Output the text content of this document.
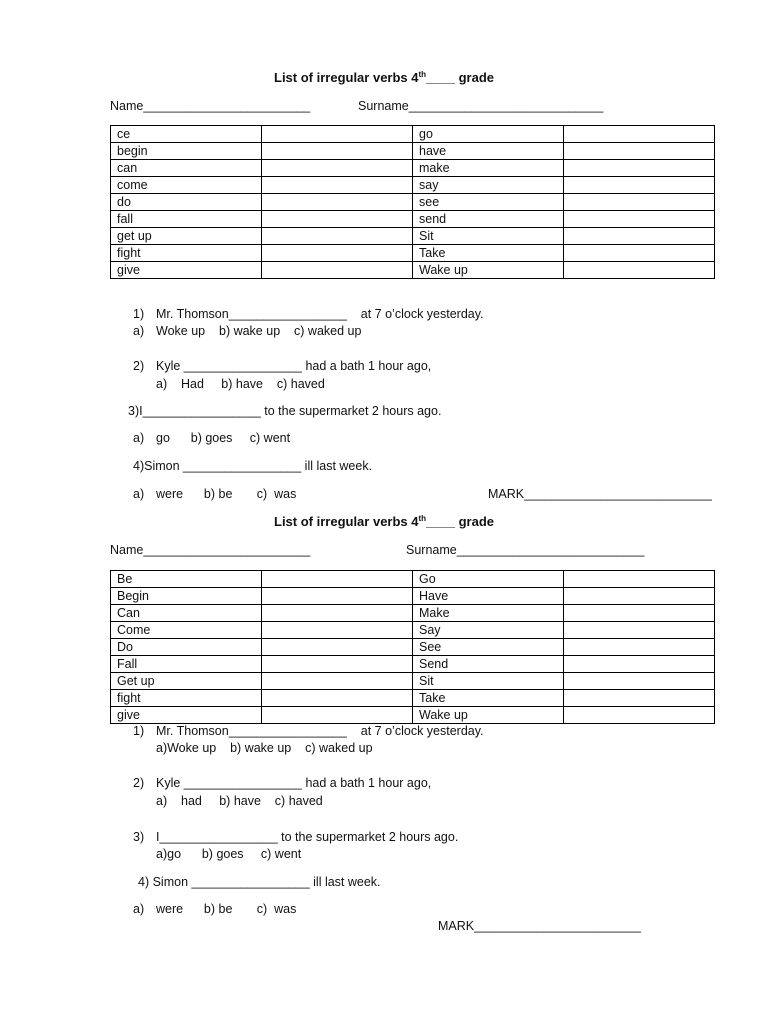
List of irregular verbs 4th____ grade
Name________________________	Surname____________________________
ce		go	
begin		have	
can		make	
come		say	
do		see	
fall		send	
get up		Sit	
fight		Take	
give		Wake up	
1) Mr. Thomson_________________    at 7 o’clock yesterday.
a) Woke up    b) wake up    c) waked up
2) Kyle _________________ had a bath 1 hour ago,
a)    Had     b) have    c) haved
3)I_________________ to the supermarket 2 hours ago.
a) go      b) goes     c) went
4)Simon _________________ ill last week.
a) were      b) be       c)  was	MARK___________________________
List of irregular verbs 4th____ grade
Name________________________	Surname___________________________
Be		Go	
Begin		Have	
Can		Make	
Come		Say	
Do		See	
Fall		Send	
Get up		Sit	
fight		Take	
give		Wake up	
1) Mr. Thomson_________________    at 7 o’clock yesterday.
a)Woke up    b) wake up    c) waked up
2) Kyle _________________ had a bath 1 hour ago,
a)    had     b) have    c) haved
3) I_________________ to the supermarket 2 hours ago.
a)go      b) goes     c) went
4) Simon _________________ ill last week.
a) were      b) be       c)  was
MARK________________________
